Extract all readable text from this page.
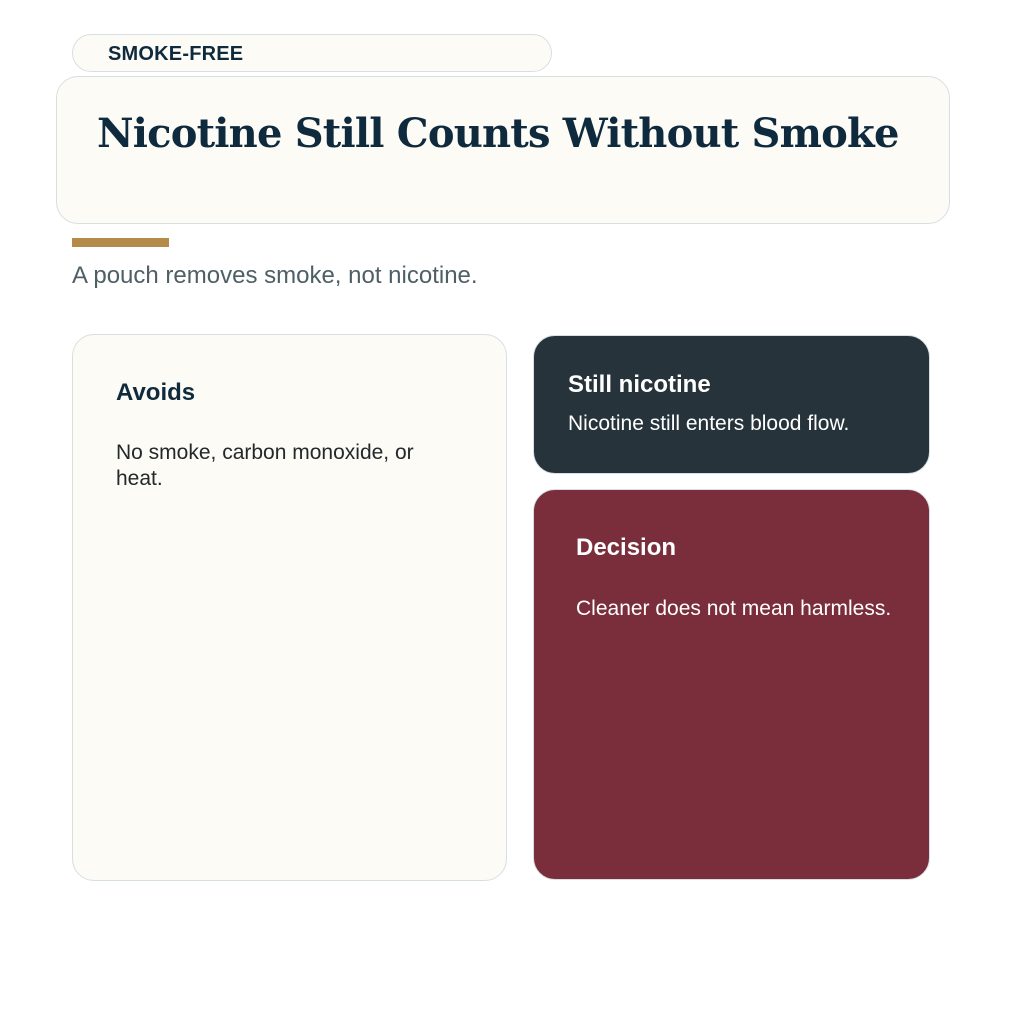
SMOKE-FREE
Nicotine Still Counts Without Smoke
A pouch removes smoke, not nicotine.
Avoids

No smoke, carbon monoxide, or heat.

Still nicotine

Nicotine still enters blood flow.

Decision

Cleaner does not mean harmless.
